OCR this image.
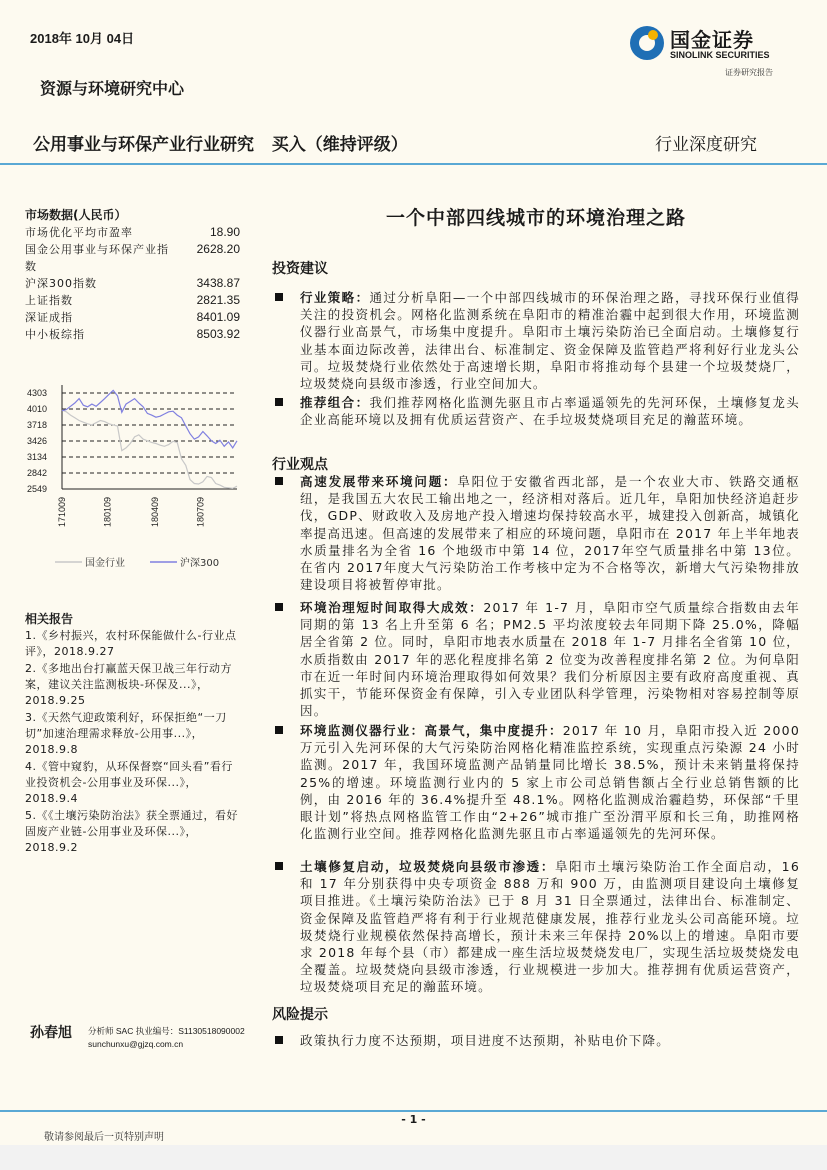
2018年 10月 04日	国金证券
SINOLINK SECURITIES
证券研究报告
资源与环境研究中心
公用事业与环保产业行业研究   买入（维持评级）	行业深度研究
市场数据(人民币）
市场优化平均市盈率	18.90
国金公用事业与环保产业指数
2628.20
沪深300指数	3438.87
上证指数	2821.35
深证成指	8401.09
中小板综指	8503.92
4303
4010
3718
3426
3134
2842
2549
171009	180109	180409	180709
国金行业	沪深300
相关报告
1.《乡村振兴，农村环保能做什么-行业点评》，2018.9.27
2.《多地出台打赢蓝天保卫战三年行动方案，建议关注监测板块-环保及...》，2018.9.25
3.《天然气迎政策利好，环保拒绝“一刀切”加速治理需求释放-公用事...》，2018.9.8
4.《管中窥豹，从环保督察“回头看”看行业投资机会-公用事业及环保...》，2018.9.4
5.《《土壤污染防治法》获全票通过，看好固废产业链-公用事业及环保...》，2018.9.2
孙春旭 分析师 SAC 执业编号：S1130518090002
sunchunxu@gjzq.com.cn
一个中部四线城市的环境治理之路
投资建议
行业策略：通过分析阜阳—一个中部四线城市的环保治理之路，寻找环保行业值得关注的投资机会。网格化监测系统在阜阳市的精准治霾中起到很大作用，环境监测仪器行业高景气，市场集中度提升。阜阳市土壤污染防治已全面启动。土壤修复行业基本面边际改善，法律出台、标准制定、资金保障及监管趋严将利好行业龙头公司。垃圾焚烧行业依然处于高速增长期，阜阳市将推动每个县建一个垃圾焚烧厂，垃圾焚烧向县级市渗透，行业空间加大。
推荐组合：我们推荐网格化监测先驱且市占率遥遥领先的先河环保，土壤修复龙头企业高能环境以及拥有优质运营资产、在手垃圾焚烧项目充足的瀚蓝环境。
行业观点
高速发展带来环境问题：阜阳位于安徽省西北部，是一个农业大市、铁路交通枢纽，是我国五大农民工输出地之一，经济相对落后。近几年，阜阳加快经济追赶步伐，GDP、财政收入及房地产投入增速均保持较高水平，城建投入创新高，城镇化率提高迅速。但高速的发展带来了相应的环境问题，阜阳市在 2017 年上半年地表水质量排名为全省 16 个地级市中第 14 位，2017年空气质量排名中第 13位。在省内 2017年度大气污染防治工作考核中定为不合格等次，新增大气污染物排放建设项目将被暂停审批。
环境治理短时间取得大成效：2017 年 1-7 月，阜阳市空气质量综合指数由去年同期的第 13 名上升至第 6 名；PM2.5 平均浓度较去年同期下降 25.0%，降幅居全省第 2 位。同时，阜阳市地表水质量在 2018 年 1-7 月排名全省第 10 位，水质指数由 2017 年的恶化程度排名第 2 位变为改善程度排名第 2 位。为何阜阳市在近一年时间内环境治理取得如何效果？我们分析原因主要有政府高度重视、真抓实干，节能环保资金有保障，引入专业团队科学管理，污染物相对容易控制等原因。
环境监测仪器行业：高景气，集中度提升：2017 年 10 月，阜阳市投入近 2000 万元引入先河环保的大气污染防治网格化精准监控系统，实现重点污染源 24 小时监测。2017 年，我国环境监测产品销量同比增长 38.5%，预计未来销量将保持 25%的增速。环境监测行业内的 5 家上市公司总销售额占全行业总销售额的比例，由 2016 年的 36.4%提升至 48.1%。网格化监测成治霾趋势，环保部“千里眼计划”将热点网格监管工作由“2+26”城市推广至汾渭平原和长三角，助推网格化监测行业空间。推荐网格化监测先驱且市占率遥遥领先的先河环保。
土壤修复启动，垃圾焚烧向县级市渗透：阜阳市土壤污染防治工作全面启动，16 和 17 年分别获得中央专项资金 888 万和 900 万，由监测项目建设向土壤修复项目推进。《土壤污染防治法》已于 8 月 31 日全票通过，法律出台、标准制定、资金保障及监管趋严将有利于行业规范健康发展，推荐行业龙头公司高能环境。垃圾焚烧行业规模依然保持高增长，预计未来三年保持 20%以上的增速。阜阳市要求 2018 年每个县（市）都建成一座生活垃圾焚烧发电厂，实现生活垃圾焚烧发电全覆盖。垃圾焚烧向县级市渗透，行业规模进一步加大。推荐拥有优质运营资产，垃圾焚烧项目充足的瀚蓝环境。
风险提示
政策执行力度不达预期，项目进度不达预期，补贴电价下降。
- 1 -
敬请参阅最后一页特别声明
